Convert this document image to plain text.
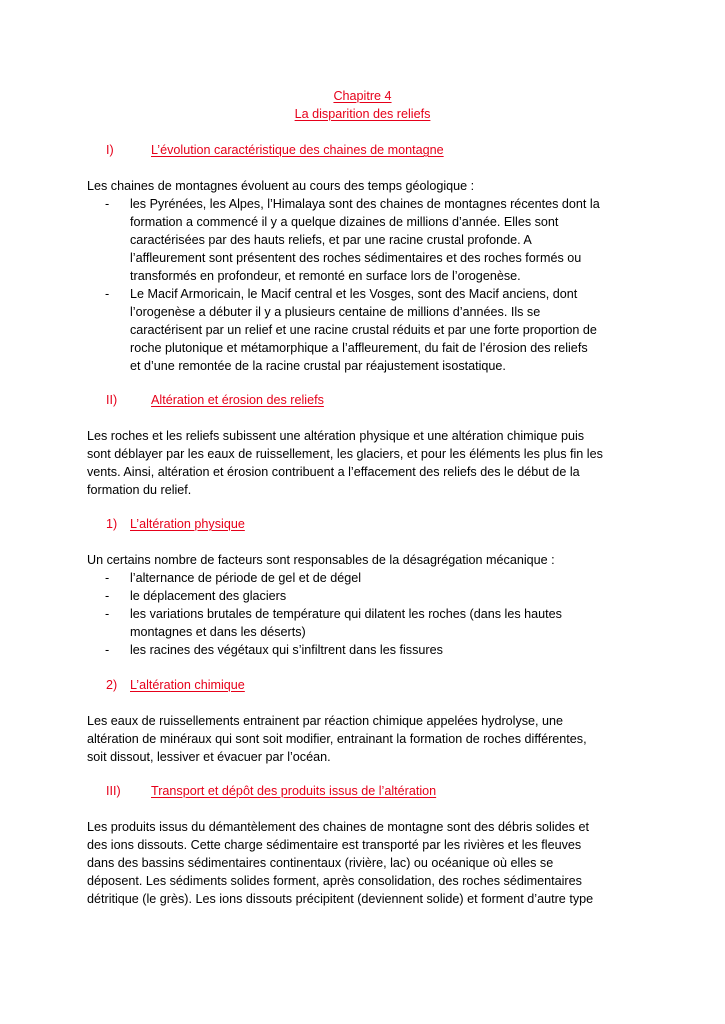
Chapitre 4
La disparition des reliefs
I)	L’évolution caractéristique des chaines de montagne
Les chaines de montagnes évoluent au cours des temps géologique :
- les Pyrénées, les Alpes, l’Himalaya sont des chaines de montagnes récentes dont la
formation a commencé il y a quelque dizaines de millions d’année. Elles sont
caractérisées par des hauts reliefs, et par une racine crustal profonde. A
l’affleurement sont présentent des roches sédimentaires et des roches formés ou
transformés en profondeur, et remonté en surface lors de l’orogenèse.
- Le Macif Armoricain, le Macif central et les Vosges, sont des Macif anciens, dont
l’orogenèse a débuter il y a plusieurs centaine de millions d’années. Ils se
caractérisent par un relief et une racine crustal réduits et par une forte proportion de
roche plutonique et métamorphique a l’affleurement, du fait de l’érosion des reliefs
et d’une remontée de la racine crustal par réajustement isostatique.
II)	Altération et érosion des reliefs
Les roches et les reliefs subissent une altération physique et une altération chimique puis
sont déblayer par les eaux de ruissellement, les glaciers, et pour les éléments les plus fin les
vents. Ainsi, altération et érosion contribuent a l’effacement des reliefs des le début de la
formation du relief.
1)	L’altération physique
Un certains nombre de facteurs sont responsables de la désagrégation mécanique :
- l’alternance de période de gel et de dégel
- le déplacement des glaciers
- les variations brutales de température qui dilatent les roches (dans les hautes
montagnes et dans les déserts)
- les racines des végétaux qui s’infiltrent dans les fissures
2)	L’altération chimique
Les eaux de ruissellements entrainent par réaction chimique appelées hydrolyse, une
altération de minéraux qui sont soit modifier, entrainant la formation de roches différentes,
soit dissout, lessiver et évacuer par l’océan.
III)	Transport et dépôt des produits issus de l’altération
Les produits issus du démantèlement des chaines de montagne sont des débris solides et
des ions dissouts. Cette charge sédimentaire est transporté par les rivières et les fleuves
dans des bassins sédimentaires continentaux (rivière, lac) ou océanique où elles se
déposent. Les sédiments solides forment, après consolidation, des roches sédimentaires
détritique (le grès). Les ions dissouts précipitent (deviennent solide) et forment d’autre type
